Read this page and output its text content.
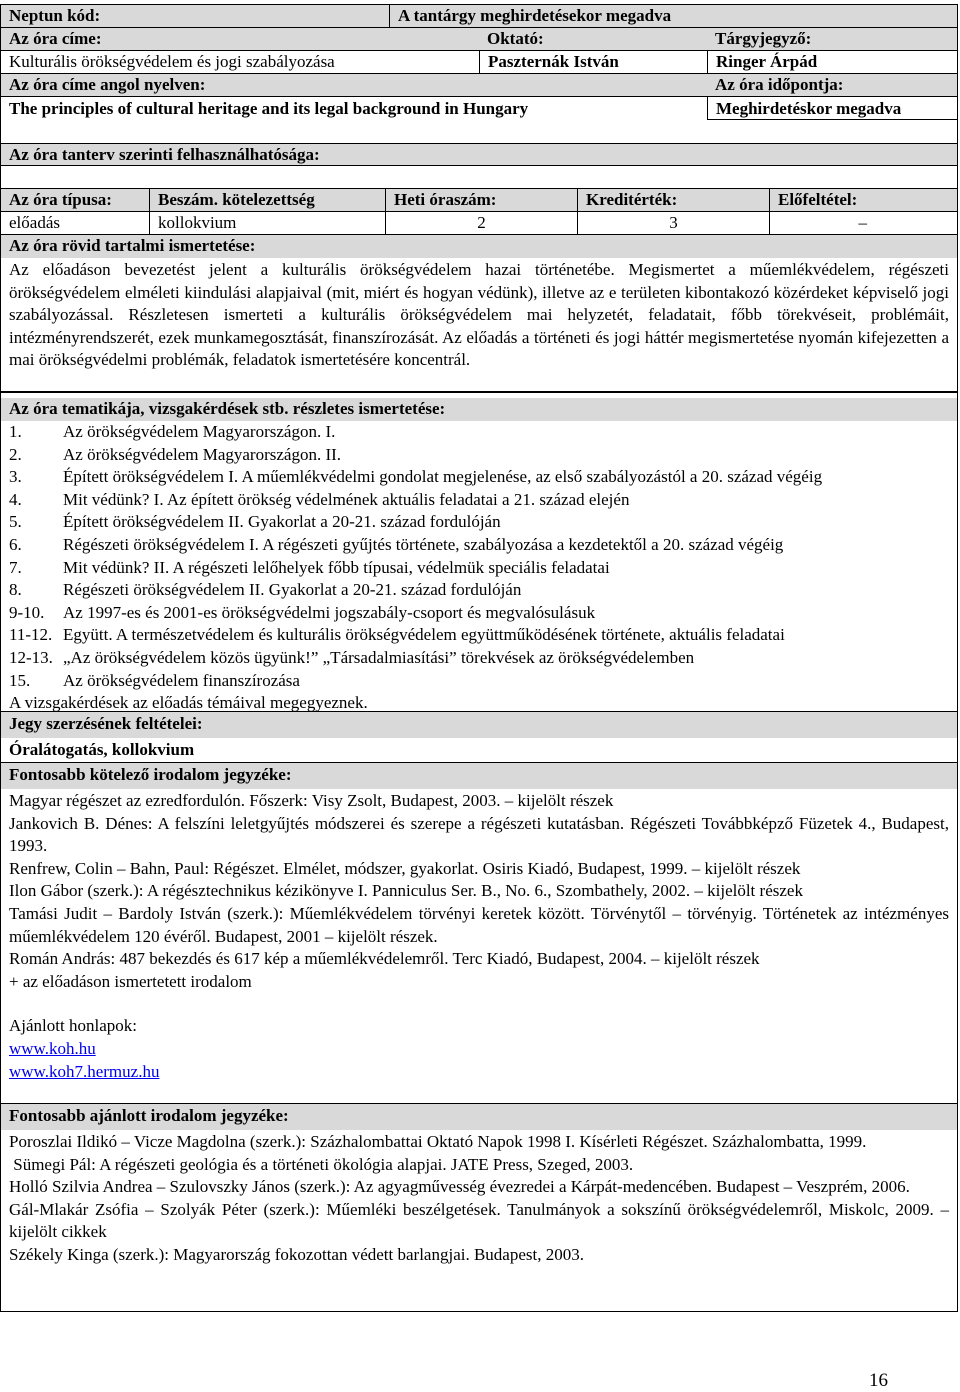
Neptun kód:	A tantárgy meghirdetésekor megadva
Az óra címe:	Oktató:	Tárgyjegyző:
Kulturális örökségvédelem és jogi szabályozása	Paszternák István	Ringer Árpád
Az óra címe angol nyelven:	Az óra időpontja:
The principles of cultural heritage and its legal background in Hungary	Meghirdetéskor megadva
Az óra tanterv szerinti felhasználhatósága:
Az óra típusa:	Beszám. kötelezettség	Heti óraszám:	Kreditérték:	Előfeltétel:
előadás	kollokvium	2	3	–
Az óra rövid tartalmi ismertetése:
Az előadáson bevezetést jelent a kulturális örökségvédelem hazai történetébe. Megismertet a műemlékvédelem, régészeti örökségvédelem elméleti kiindulási alapjaival (mit, miért és hogyan védünk), illetve az e területen kibontakozó közérdeket képviselő jogi szabályozással. Részletesen ismerteti a kulturális örökségvédelem mai helyzetét, feladatait, főbb törekvéseit, problémáit, intézményrendszerét, ezek munkamegosztását, finanszírozását. Az előadás a történeti és jogi háttér megismertetése nyomán kifejezetten a mai örökségvédelmi problémák, feladatok ismertetésére koncentrál.
Az óra tematikája, vizsgakérdések stb. részletes ismertetése:
1.	Az örökségvédelem Magyarországon. I.
2.	Az örökségvédelem Magyarországon. II.
3.	Épített örökségvédelem I. A műemlékvédelmi gondolat megjelenése, az első szabályozástól a 20. század végéig
4.	Mit védünk? I. Az épített örökség védelmének aktuális feladatai a 21. század elején
5.	Épített örökségvédelem II. Gyakorlat a 20-21. század fordulóján
6.	Régészeti örökségvédelem I. A régészeti gyűjtés története, szabályozása a kezdetektől a 20. század végéig
7.	Mit védünk? II. A régészeti lelőhelyek főbb típusai, védelmük speciális feladatai
8.	Régészeti örökségvédelem II. Gyakorlat a 20-21. század fordulóján
9-10.	Az 1997-es és 2001-es örökségvédelmi jogszabály-csoport és megvalósulásuk
11-12. Együtt. A természetvédelem és kulturális örökségvédelem együttműködésének története, aktuális feladatai
12-13. „Az örökségvédelem közös ügyünk!” „Társadalmiasítási” törekvések az örökségvédelemben
15.	Az örökségvédelem finanszírozása
A vizsgakérdések az előadás témáival megegyeznek.
Jegy szerzésének feltételei:
Óralátogatás, kollokvium
Fontosabb kötelező irodalom jegyzéke:
Magyar régészet az ezredfordulón. Főszerk: Visy Zsolt, Budapest, 2003. – kijelölt részek
Jankovich B. Dénes: A felszíni leletgyűjtés módszerei és szerepe a régészeti kutatásban. Régészeti Továbbképző Füzetek 4., Budapest, 1993.
Renfrew, Colin – Bahn, Paul: Régészet. Elmélet, módszer, gyakorlat. Osiris Kiadó, Budapest, 1999. – kijelölt részek
Ilon Gábor (szerk.): A régésztechnikus kézikönyve I. Panniculus Ser. B., No. 6., Szombathely, 2002. – kijelölt részek
Tamási Judit – Bardoly István (szerk.): Műemlékvédelem törvényi keretek között. Törvénytől – törvényig. Történetek az intézményes műemlékvédelem 120 évéről. Budapest, 2001 – kijelölt részek.
Román András: 487 bekezdés és 617 kép a műemlékvédelemről. Terc Kiadó, Budapest, 2004. – kijelölt részek
+ az előadáson ismertetett irodalom
Ajánlott honlapok:
www.koh.hu
www.koh7.hermuz.hu
Fontosabb ajánlott irodalom jegyzéke:
Poroszlai Ildikó – Vicze Magdolna (szerk.): Százhalombattai Oktató Napok 1998 I. Kísérleti Régészet. Százhalombatta, 1999.
Sümegi Pál: A régészeti geológia és a történeti ökológia alapjai. JATE Press, Szeged, 2003.
Holló Szilvia Andrea – Szulovszky János (szerk.): Az agyagművesség évezredei a Kárpát-medencében. Budapest – Veszprém, 2006.
Gál-Mlakár Zsófia – Szolyák Péter (szerk.): Műemléki beszélgetések. Tanulmányok a sokszínű örökségvédelemről, Miskolc, 2009. – kijelölt cikkek
Székely Kinga (szerk.): Magyarország fokozottan védett barlangjai. Budapest, 2003.
16
